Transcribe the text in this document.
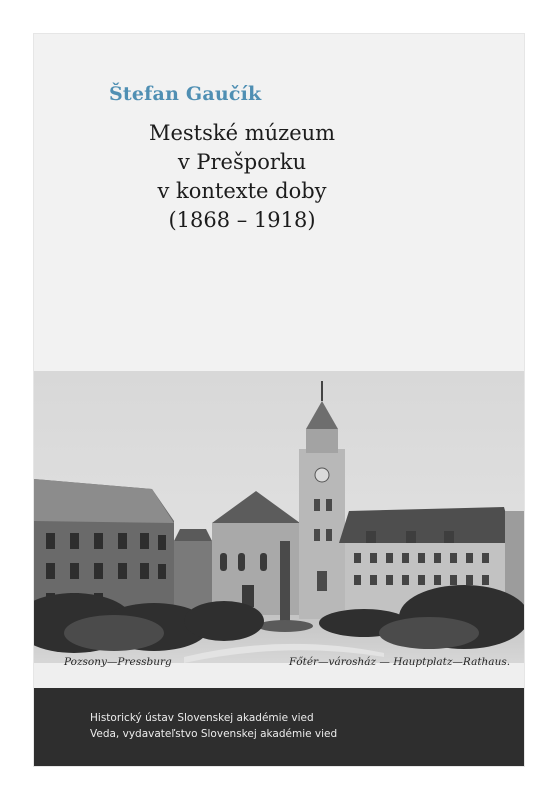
Štefan Gaučík
Mestské múzeum
v Prešporku
v kontexte doby
(1868 – 1918)
Pozsony—Pressburg	Főtér—városház — Hauptplatz—Rathaus.

Historický ústav Slovenskej akadémie vied

Veda, vydavateľstvo Slovenskej akadémie vied
